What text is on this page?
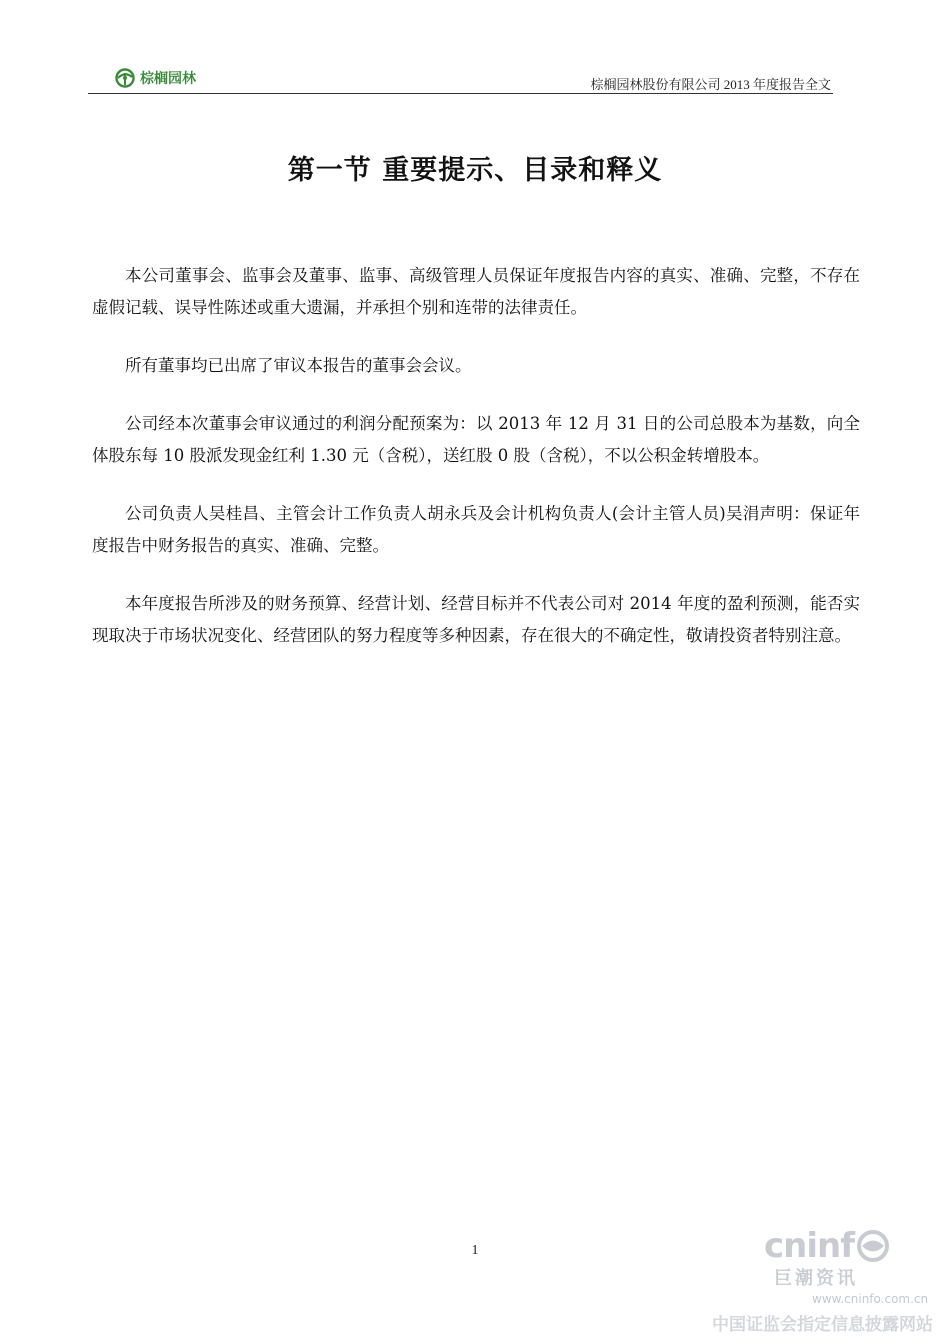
棕榈园林	棕榈园林股份有限公司 2013 年度报告全文
第一节 重要提示、目录和释义

本公司董事会、监事会及董事、监事、高级管理人员保证年度报告内容的真实、准确、完整，不存在虚假记载、误导性陈述或重大遗漏，并承担个别和连带的法律责任。

所有董事均已出席了审议本报告的董事会会议。

公司经本次董事会审议通过的利润分配预案为：以 2013 年 12 月 31 日的公司总股本为基数，向全体股东每 10 股派发现金红利 1.30 元（含税），送红股 0 股（含税），不以公积金转增股本。

公司负责人吴桂昌、主管会计工作负责人胡永兵及会计机构负责人(会计主管人员)吴涓声明：保证年度报告中财务报告的真实、准确、完整。

本年度报告所涉及的财务预算、经营计划、经营目标并不代表公司对 2014 年度的盈利预测，能否实现取决于市场状况变化、经营团队的努力程度等多种因素，存在很大的不确定性，敬请投资者特别注意。

1	cninf
巨潮资讯
www.cninfo.com.cn
中国证监会指定信息披露网站
